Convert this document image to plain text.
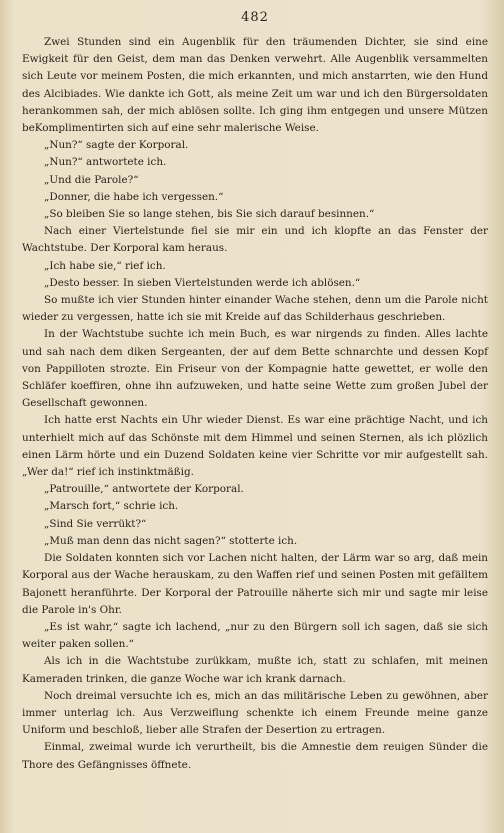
482

Zwei Stunden sind ein Augenblik für den träumenden Dichter, sie sind eine Ewigkeit für den Geist, dem man das Denken verwehrt. Alle Augenblik versammelten sich Leute vor meinem Posten, die mich erkannten, und mich anstarrten, wie den Hund des Alcibiades. Wie dankte ich Gott, als meine Zeit um war und ich den Bürgersoldaten herankommen sah, der mich ablösen sollte. Ich ging ihm entgegen und unsere Mützen beKomplimentirten sich auf eine sehr malerische Weise.

„Nun?“ sagte der Korporal.

„Nun?“ antwortete ich.

„Und die Parole?“

„Donner, die habe ich vergessen.“

„So bleiben Sie so lange stehen, bis Sie sich darauf besinnen.“

Nach einer Viertelstunde fiel sie mir ein und ich klopfte an das Fenster der Wachtstube. Der Korporal kam heraus.

„Ich habe sie,“ rief ich.

„Desto besser. In sieben Viertelstunden werde ich ablösen.“

So mußte ich vier Stunden hinter einander Wache stehen, denn um die Parole nicht wieder zu vergessen, hatte ich sie mit Kreide auf das Schilderhaus geschrieben.

In der Wachtstube suchte ich mein Buch, es war nirgends zu finden. Alles lachte und sah nach dem diken Sergeanten, der auf dem Bette schnarchte und dessen Kopf von Pappilloten strozte. Ein Friseur von der Kompagnie hatte gewettet, er wolle den Schläfer koeffiren, ohne ihn aufzuweken, und hatte seine Wette zum großen Jubel der Gesellschaft gewonnen.

Ich hatte erst Nachts ein Uhr wieder Dienst. Es war eine prächtige Nacht, und ich unterhielt mich auf das Schönste mit dem Himmel und seinen Sternen, als ich plözlich einen Lärm hörte und ein Duzend Soldaten keine vier Schritte vor mir aufgestellt sah. „Wer da!“ rief ich instinktmäßig.

„Patrouille,“ antwortete der Korporal.

„Marsch fort,“ schrie ich.

„Sind Sie verrükt?“

„Muß man denn das nicht sagen?“ stotterte ich.

Die Soldaten konnten sich vor Lachen nicht halten, der Lärm war so arg, daß mein Korporal aus der Wache herauskam, zu den Waffen rief und seinen Posten mit gefälltem Bajonett heranführte. Der Korporal der Patrouille näherte sich mir und sagte mir leise die Parole in's Ohr.

„Es ist wahr,“ sagte ich lachend, „nur zu den Bürgern soll ich sagen, daß sie sich weiter paken sollen.“

Als ich in die Wachtstube zurükkam, mußte ich, statt zu schlafen, mit meinen Kameraden trinken, die ganze Woche war ich krank darnach.

Noch dreimal versuchte ich es, mich an das militärische Leben zu gewöhnen, aber immer unterlag ich. Aus Verzweiflung schenkte ich einem Freunde meine ganze Uniform und beschloß, lieber alle Strafen der Desertion zu ertragen.

Einmal, zweimal wurde ich verurtheilt, bis die Amnestie dem reuigen Sünder die Thore des Gefängnisses öffnete.
